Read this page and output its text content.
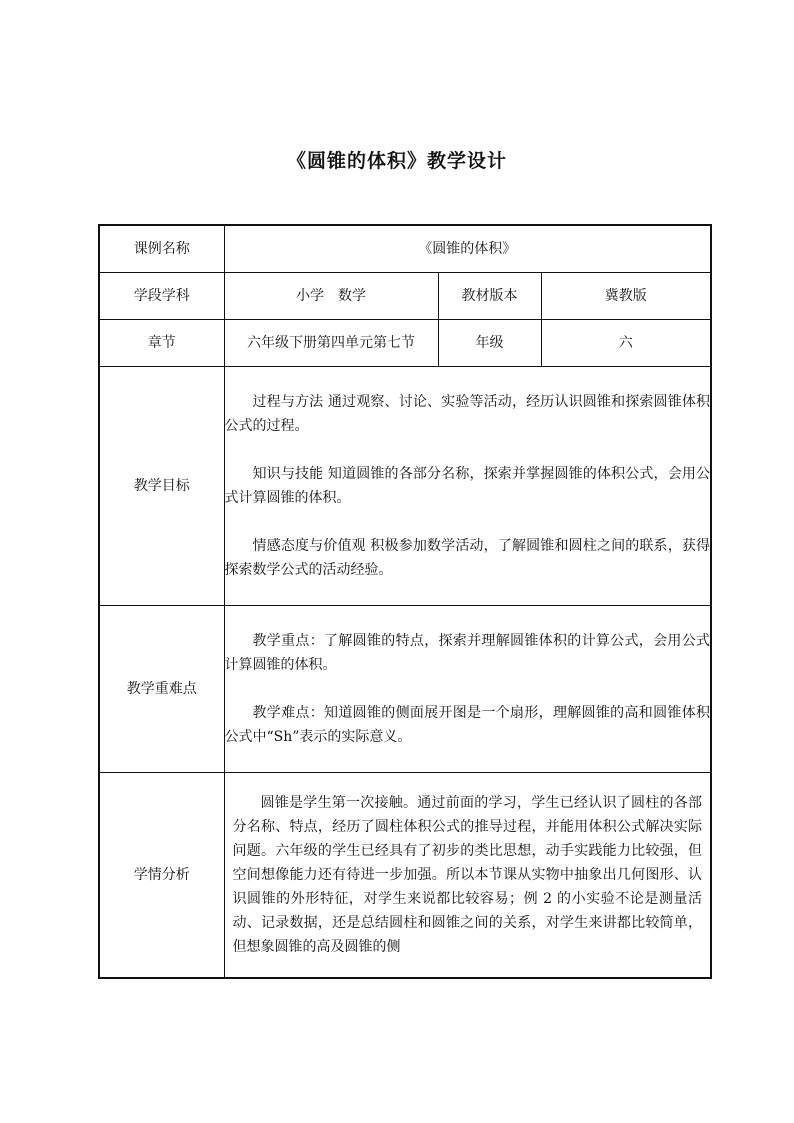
《圆锥的体积》教学设计
课例名称	《圆锥的体积》		
学段学科	小学　数学	教材版本	冀教版
章节	六年级下册第四单元第七节	年级	六
教学目标	过程与方法 通过观察、讨论、实验等活动，经历认识圆锥和探索圆锥体积公式的过程。

知识与技能 知道圆锥的各部分名称，探索并掌握圆锥的体积公式，会用公式计算圆锥的体积。

情感态度与价值观 积极参加数学活动，了解圆锥和圆柱之间的联系，获得探索数学公式的活动经验。		

教学重难点	教学重点：了解圆锥的特点，探索并理解圆锥体积的计算公式，会用公式计算圆锥的体积。

教学难点：知道圆锥的侧面展开图是一个扇形，理解圆锥的高和圆锥体积公式中“Sh”表示的实际意义。		

学情分析	圆锥是学生第一次接触。通过前面的学习，学生已经认识了圆柱的各部分名称、特点，经历了圆柱体积公式的推导过程，并能用体积公式解决实际问题。六年级的学生已经具有了初步的类比思想，动手实践能力比较强，但空间想像能力还有待进一步加强。所以本节课从实物中抽象出几何图形、认识圆锥的外形特征，对学生来说都比较容易；例 2 的小实验不论是测量活动、记录数据，还是总结圆柱和圆锥之间的关系，对学生来讲都比较简单，但想象圆锥的高及圆锥的侧		
